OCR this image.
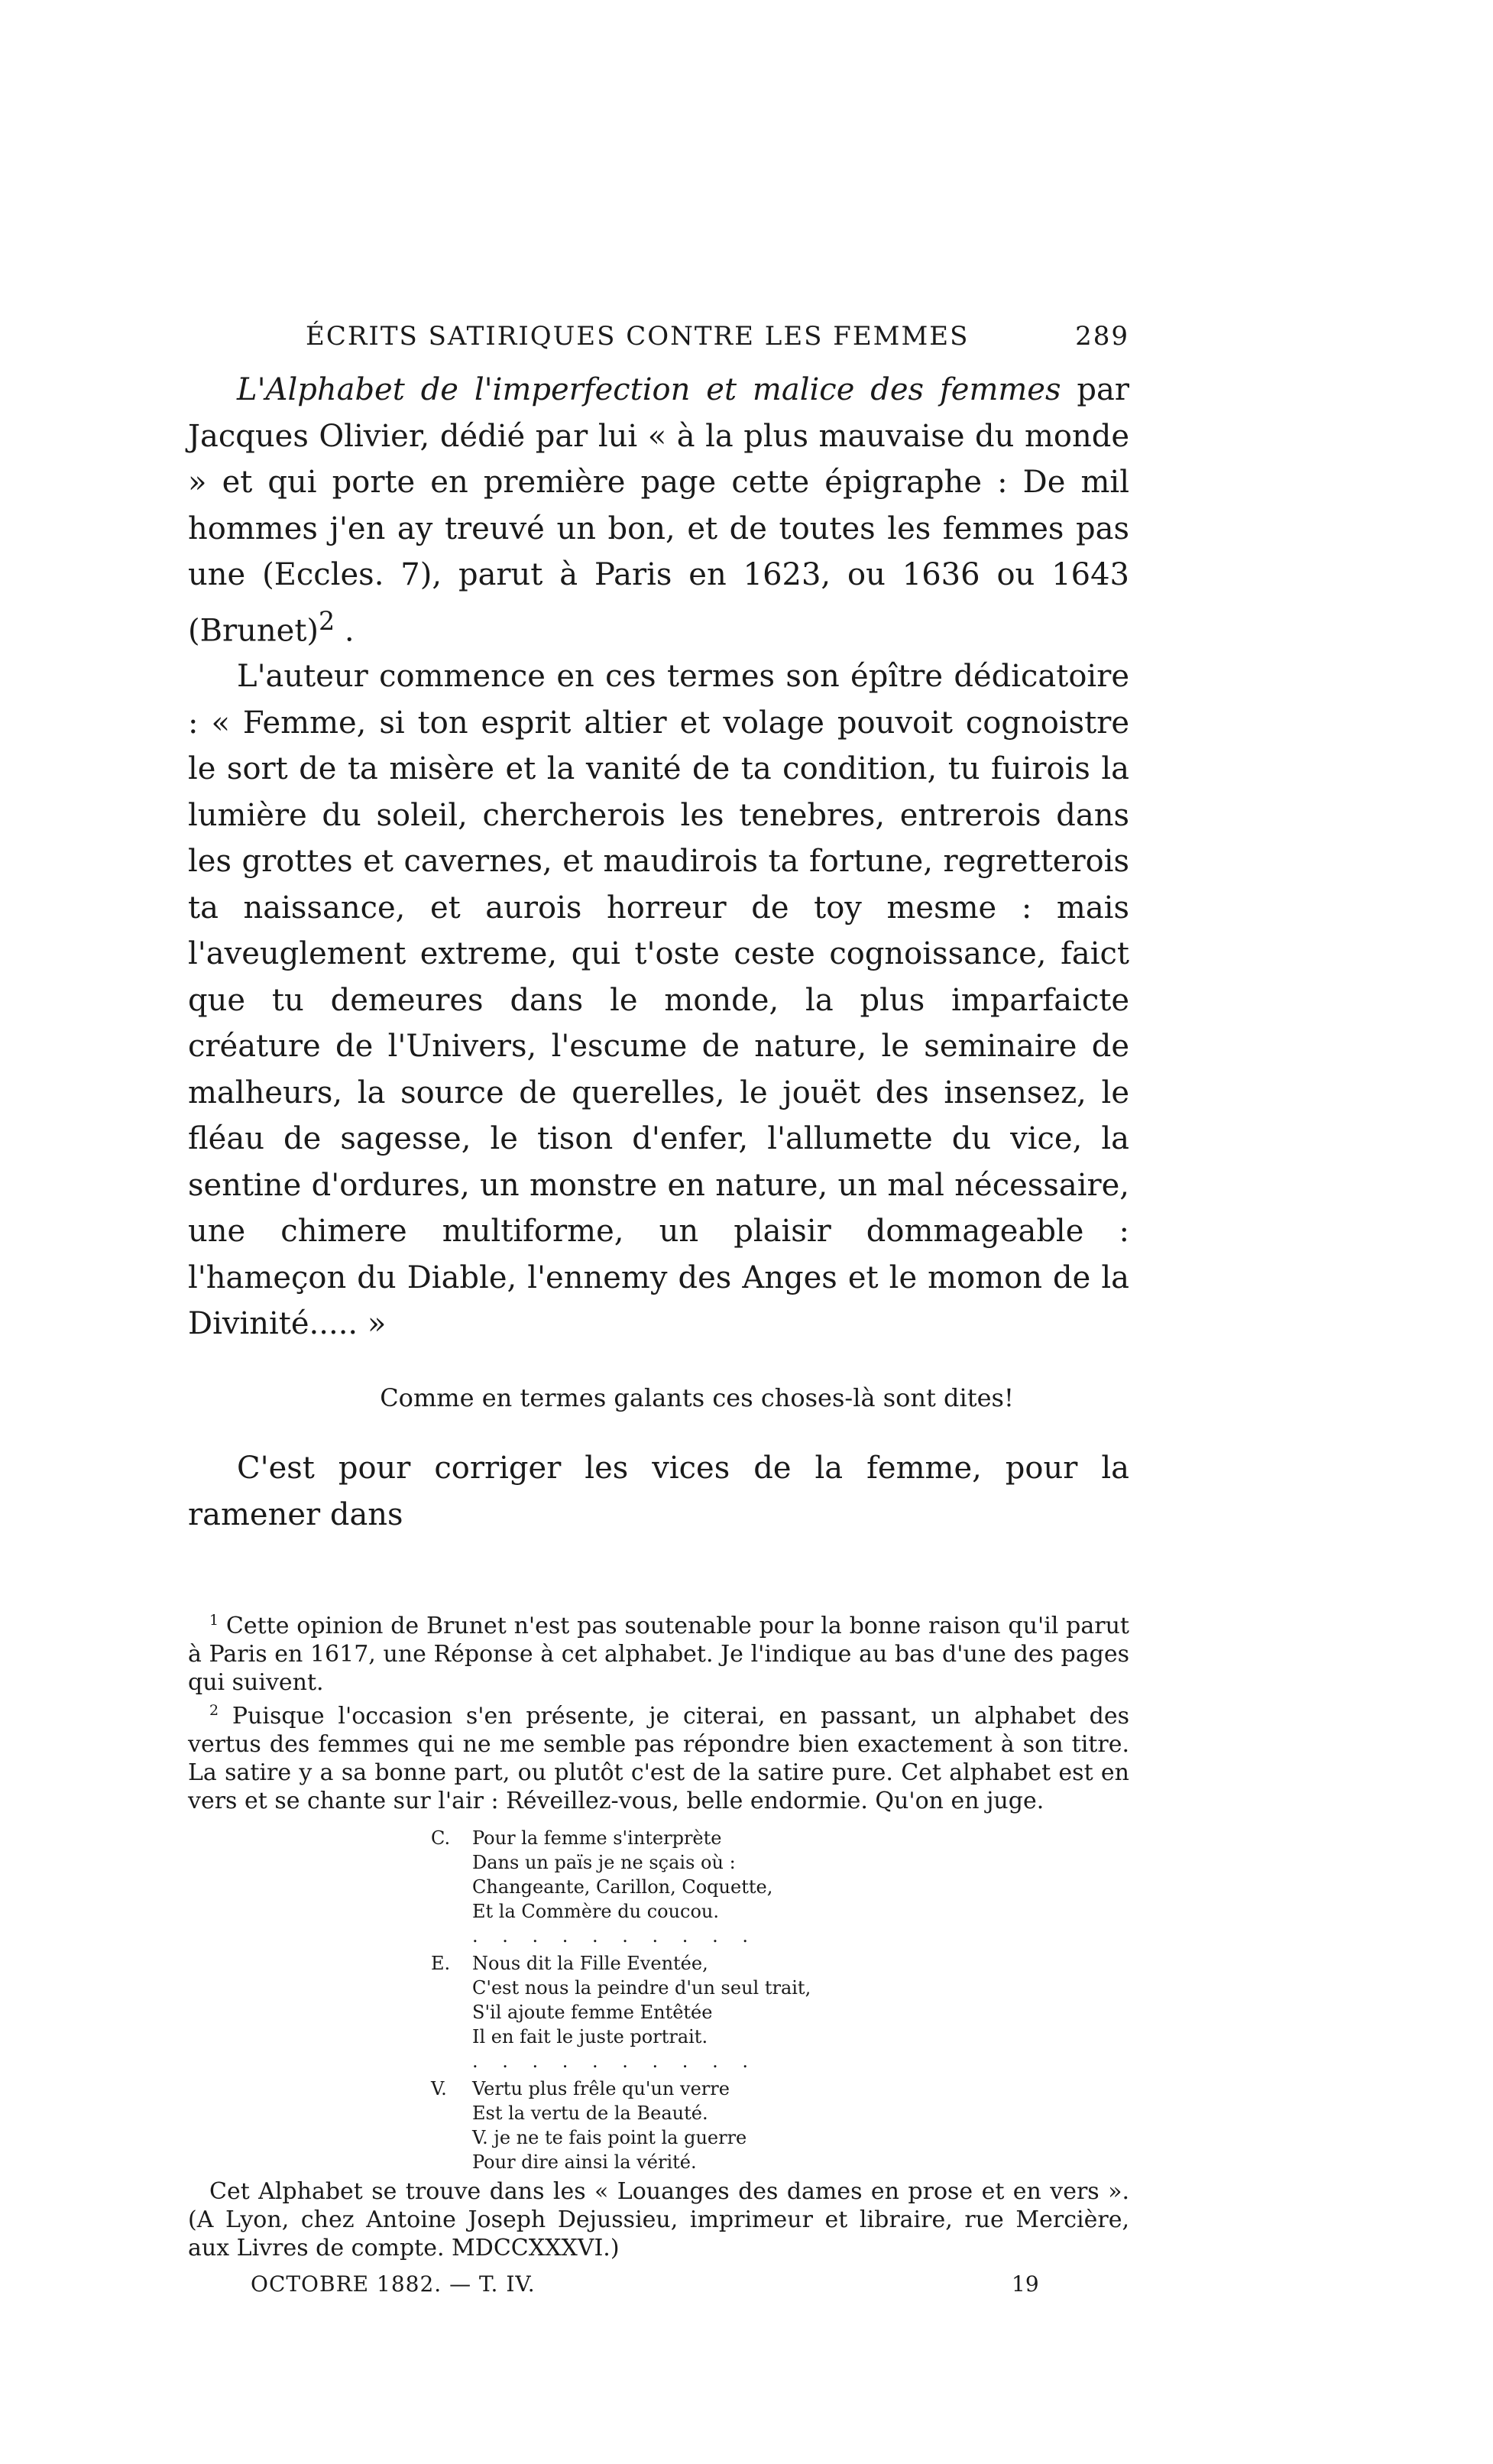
ÉCRITS SATIRIQUES CONTRE LES FEMMES	289

L'Alphabet de l'imperfection et malice des femmes par Jacques Olivier, dédié par lui « à la plus mauvaise du monde » et qui porte en première page cette épigraphe : De mil hommes j'en ay treuvé un bon, et de toutes les femmes pas une (Eccles. 7), parut à Paris en 1623, ou 1636 ou 1643 (Brunet)$^2$ .

L'auteur commence en ces termes son épître dédicatoire : « Femme, si ton esprit altier et volage pouvoit cognoistre le sort de ta misère et la vanité de ta condition, tu fuirois la lumière du soleil, chercherois les tenebres, entrerois dans les grottes et cavernes, et maudirois ta fortune, regretterois ta naissance, et aurois horreur de toy mesme : mais l'aveuglement extreme, qui t'oste ceste cognoissance, faict que tu demeures dans le monde, la plus imparfaicte créature de l'Univers, l'escume de nature, le seminaire de malheurs, la source de querelles, le jouët des insensez, le fléau de sagesse, le tison d'enfer, l'allumette du vice, la sentine d'ordures, un monstre en nature, un mal nécessaire, une chimere multiforme, un plaisir dommageable : l'hameçon du Diable, l'ennemy des Anges et le momon de la Divinité..... »

Comme en termes galants ces choses-là sont dites!

C'est pour corriger les vices de la femme, pour la ramener dans

$^1$ Cette opinion de Brunet n'est pas soutenable pour la bonne raison qu'il parut à Paris en 1617, une Réponse à cet alphabet. Je l'indique au bas d'une des pages qui suivent.

$^2$ Puisque l'occasion s'en présente, je citerai, en passant, un alphabet des vertus des femmes qui ne me semble pas répondre bien exactement à son titre. La satire y a sa bonne part, ou plutôt c'est de la satire pure. Cet alphabet est en vers et se chante sur l'air : Réveillez-vous, belle endormie. Qu'on en juge.

C.	Pour la femme s'interprète
Dans un païs je ne sçais où :
Changeante, Carillon, Coquette,
Et la Commère du coucou.
. . . . . . . . . .
E.	Nous dit la Fille Eventée,
C'est nous la peindre d'un seul trait,
S'il ajoute femme Entêtée
Il en fait le juste portrait.
. . . . . . . . . .
V.	Vertu plus frêle qu'un verre
Est la vertu de la Beauté.
V. je ne te fais point la guerre
Pour dire ainsi la vérité.

Cet Alphabet se trouve dans les « Louanges des dames en prose et en vers ». (A Lyon, chez Antoine Joseph Dejussieu, imprimeur et libraire, rue Mercière, aux Livres de compte. MDCCXXXVI.)

OCTOBRE 1882. — T. IV.	19
